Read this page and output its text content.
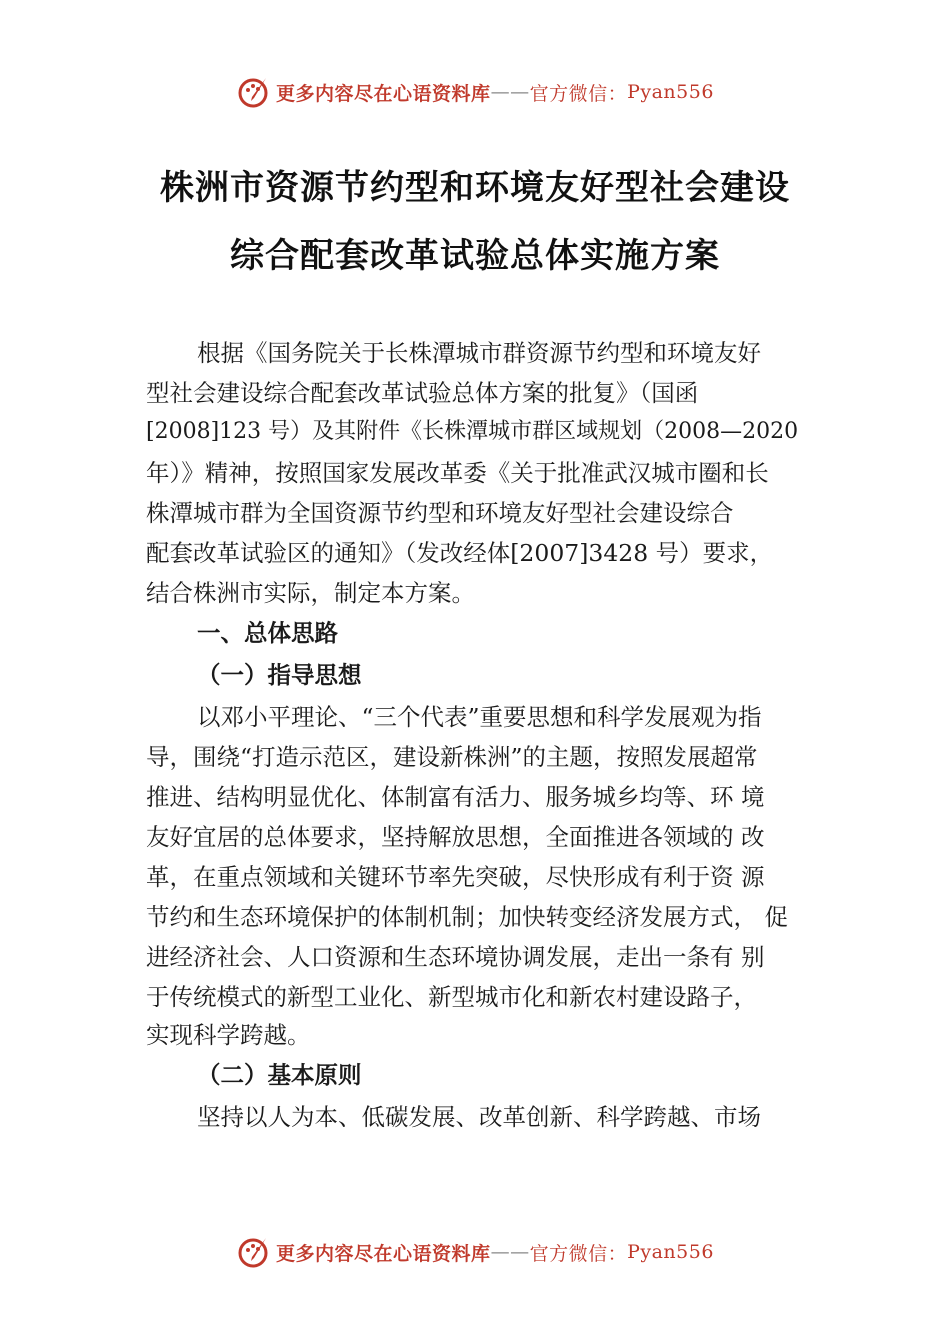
更多内容尽在心语资料库 —— 官方微信： Pyan556
株洲市资源节约型和环境友好型社会建设
综合配套改革试验总体实施方案
根据《国务院关于长株潭城市群资源节约型和环境友好
型社会建设综合配套改革试验总体方案的批复》（国函
[2008]123 号）及其附件《长株潭城市群区域规划（2008—2020
年）》精神，按照国家发展改革委《关于批准武汉城市圈和长
株潭城市群为全国资源节约型和环境友好型社会建设综合
配套改革试验区的通知》（发改经体[2007]3428 号）要求，
结合株洲市实际，制定本方案。
一、总体思路
（一）指导思想
以邓小平理论、“三个代表”重要思想和科学发展观为指
导，围绕“打造示范区，建设新株洲”的主题，按照发展超常
推进、结构明显优化、体制富有活力、服务城乡均等、环 境
友好宜居的总体要求，坚持解放思想，全面推进各领域的 改
革，在重点领域和关键环节率先突破，尽快形成有利于资 源
节约和生态环境保护的体制机制；加快转变经济发展方式， 促
进经济社会、人口资源和生态环境协调发展，走出一条有 别
于传统模式的新型工业化、新型城市化和新农村建设路子，
实现科学跨越。
（二）基本原则
坚持以人为本、低碳发展、改革创新、科学跨越、市场
更多内容尽在心语资料库 —— 官方微信： Pyan556
